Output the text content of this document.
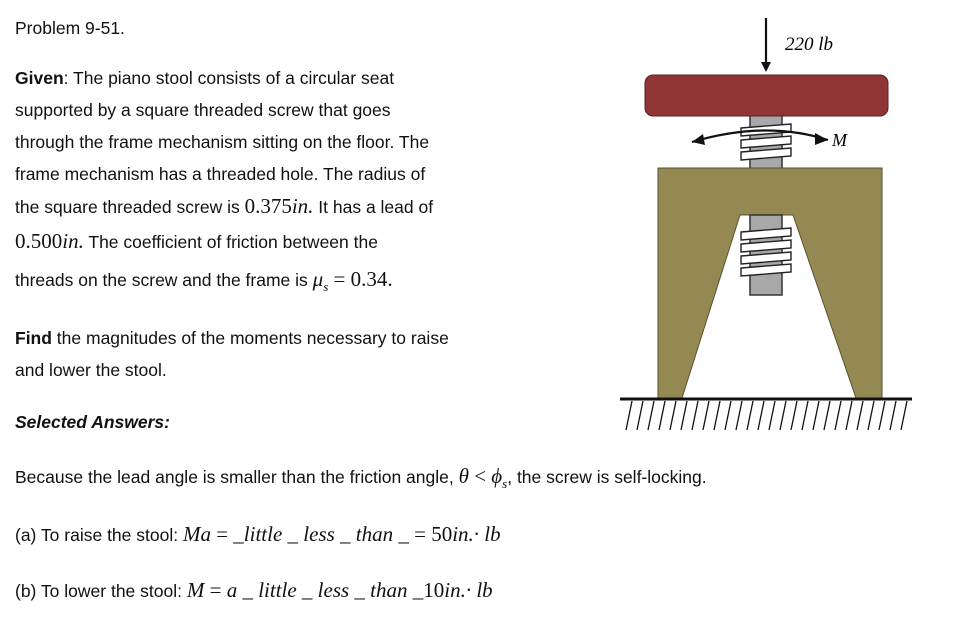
Problem 9-51.
Given: The piano stool consists of a circular seat
supported by a square threaded screw that goes
through the frame mechanism sitting on the floor. The
frame mechanism has a threaded hole. The radius of
the square threaded screw is 0.375in. It has a lead of
0.500in. The coefficient of friction between the
threads on the screw and the frame is $\mu_s = 0.34$.
Find the magnitudes of the moments necessary to raise
and lower the stool.
Selected Answers:
Because the lead angle is smaller than the friction angle, $\theta < \phi_s$, the screw is self-locking.
(a) To raise the stool: Ma = _little _ less _ than _ = 50in.· lb
(b) To lower the stool: M = a _ little _ less _ than _10in.· lb
220 lb
M
